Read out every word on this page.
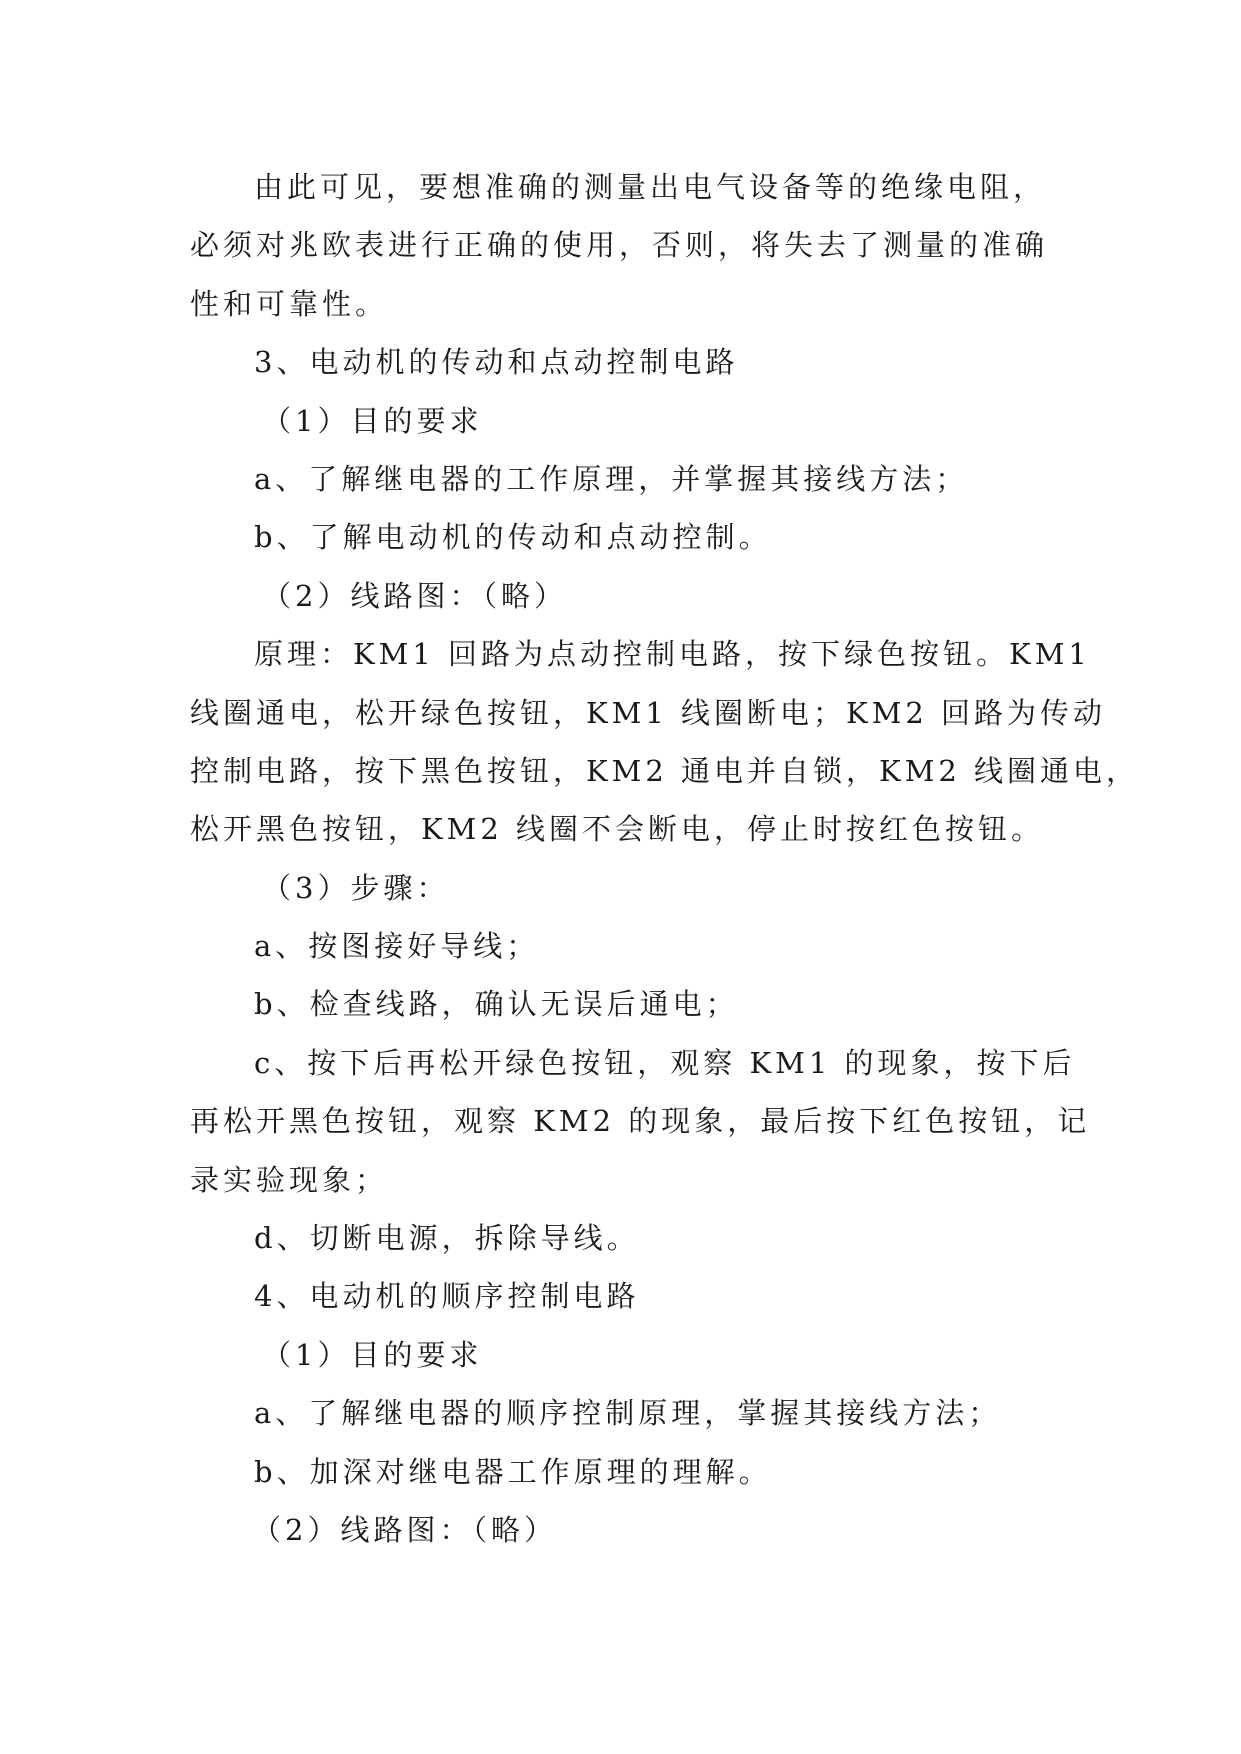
由此可见，要想准确的测量出电气设备等的绝缘电阻，

必须对兆欧表进行正确的使用，否则，将失去了测量的准确

性和可靠性。

3、电动机的传动和点动控制电路

（1）目的要求

a、了解继电器的工作原理，并掌握其接线方法；

b、了解电动机的传动和点动控制。

（2）线路图：（略）

原理：KM1 回路为点动控制电路，按下绿色按钮。KM1

线圈通电，松开绿色按钮，KM1 线圈断电；KM2 回路为传动

控制电路，按下黑色按钮，KM2 通电并自锁，KM2 线圈通电，

松开黑色按钮，KM2 线圈不会断电，停止时按红色按钮。

（3）步骤：

a、按图接好导线；

b、检查线路，确认无误后通电；

c、按下后再松开绿色按钮，观察 KM1 的现象，按下后

再松开黑色按钮，观察 KM2 的现象，最后按下红色按钮，记

录实验现象；

d、切断电源，拆除导线。

4、电动机的顺序控制电路

（1）目的要求

a、了解继电器的顺序控制原理，掌握其接线方法；

b、加深对继电器工作原理的理解。

（2）线路图：（略）
